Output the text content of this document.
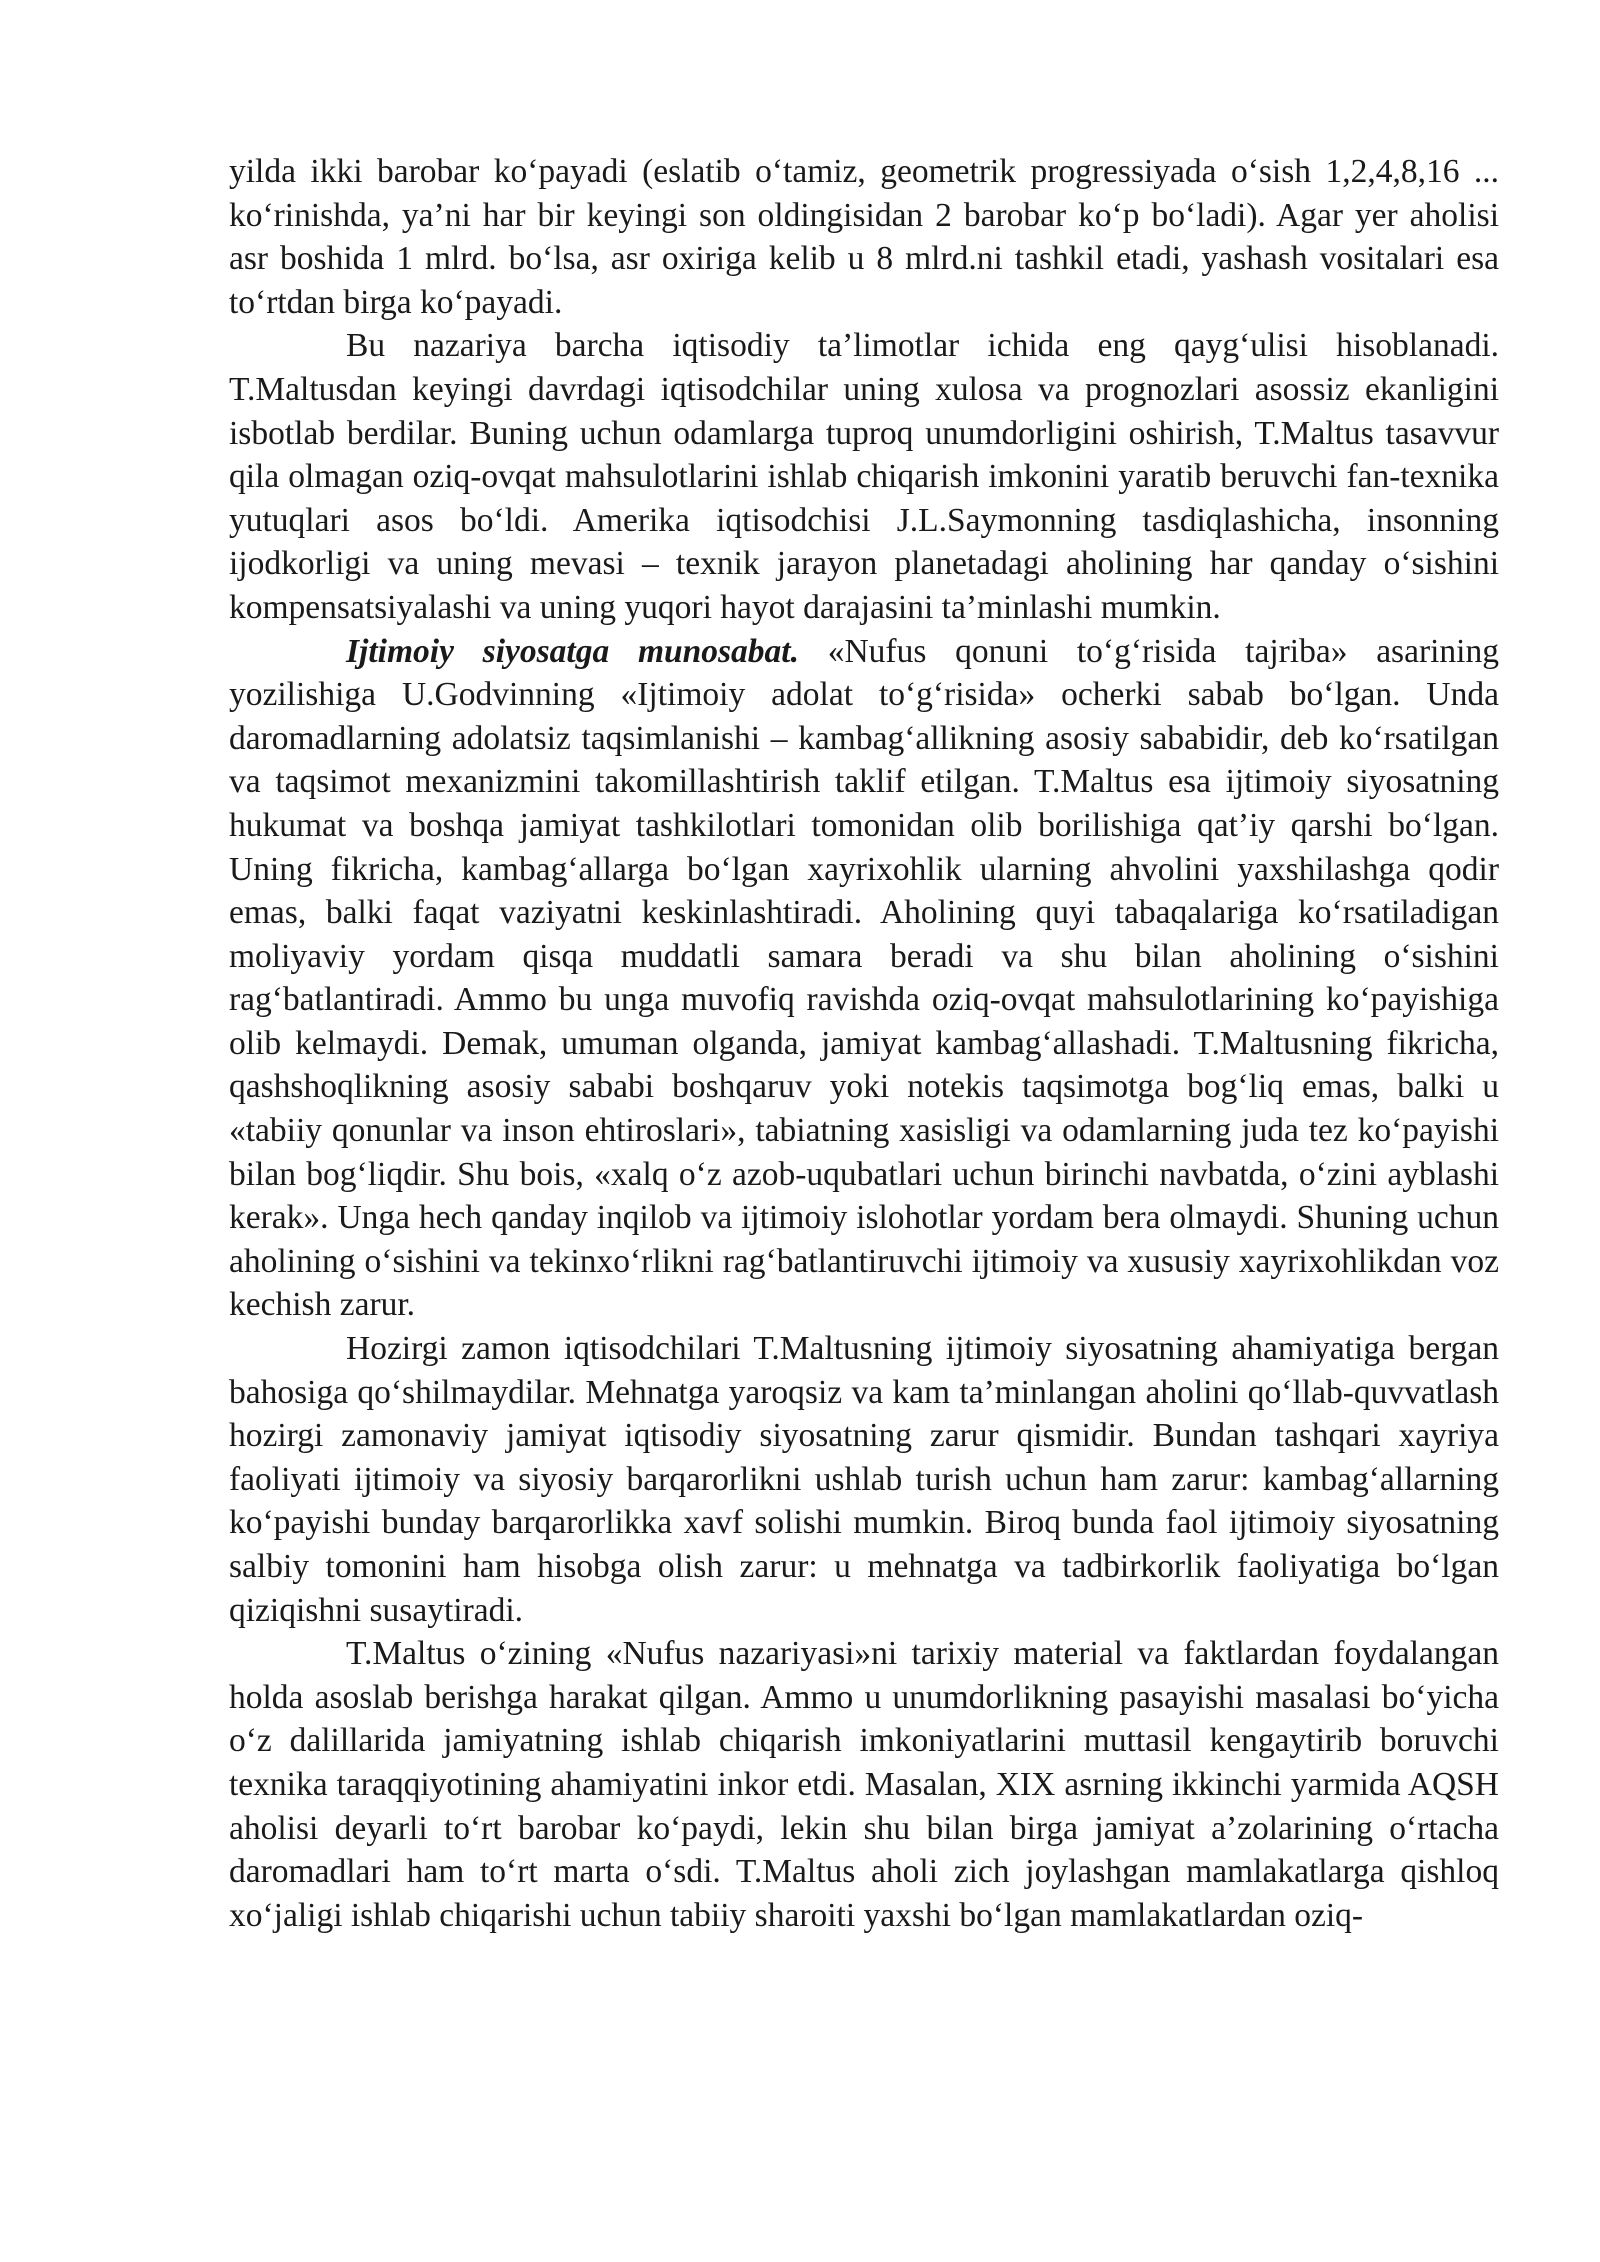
yilda ikki barobar ko‘payadi (eslatib o‘tamiz, geometrik progressiyada o‘sish 1,2,4,8,16 ... ko‘rinishda, ya’ni har bir keyingi son oldingisidan 2 barobar ko‘p bo‘ladi). Agar yer aholisi asr boshida 1 mlrd. bo‘lsa, asr oxiriga kelib u 8 mlrd.ni tashkil etadi, yashash vositalari esa to‘rtdan birga ko‘payadi.

Bu nazariya barcha iqtisodiy ta’limotlar ichida eng qayg‘ulisi hisoblanadi. T.Maltusdan keyingi davrdagi iqtisodchilar uning xulosa va prognozlari asossiz ekanligini isbotlab berdilar. Buning uchun odamlarga tuproq unumdorligini oshirish, T.Maltus tasavvur qila olmagan oziq-ovqat mahsulotlarini ishlab chiqarish imkonini yaratib beruvchi fan-texnika yutuqlari asos bo‘ldi. Amerika iqtisodchisi J.L.Saymonning tasdiqlashicha, insonning ijodkorligi va uning mevasi – texnik jarayon planetadagi aholining har qanday o‘sishini kompensatsiyalashi va uning yuqori hayot darajasini ta’minlashi mumkin.

Ijtimoiy siyosatga munosabat. «Nufus qonuni to‘g‘risida tajriba» asarining yozilishiga U.Godvinning «Ijtimoiy adolat to‘g‘risida» ocherki sabab bo‘lgan. Unda daromadlarning adolatsiz taqsimlanishi – kambag‘allikning asosiy sababidir, deb ko‘rsatilgan va taqsimot mexanizmini takomillashtirish taklif etilgan. T.Maltus esa ijtimoiy siyosatning hukumat va boshqa jamiyat tashkilotlari tomonidan olib borilishiga qat’iy qarshi bo‘lgan. Uning fikricha, kambag‘allarga bo‘lgan xayrixohlik ularning ahvolini yaxshilashga qodir emas, balki faqat vaziyatni keskinlashtiradi. Aholining quyi tabaqalariga ko‘rsatiladigan moliyaviy yordam qisqa muddatli samara beradi va shu bilan aholining o‘sishini rag‘batlantiradi. Ammo bu unga muvofiq ravishda oziq-ovqat mahsulotlarining ko‘payishiga olib kelmaydi. Demak, umuman olganda, jamiyat kambag‘allashadi. T.Maltusning fikricha, qashshoqlikning asosiy sababi boshqaruv yoki notekis taqsimotga bog‘liq emas, balki u «tabiiy qonunlar va inson ehtiroslari», tabiatning xasisligi va odamlarning juda tez ko‘payishi bilan bog‘liqdir. Shu bois, «xalq o‘z azob-uqubatlari uchun birinchi navbatda, o‘zini ayblashi kerak». Unga hech qanday inqilob va ijtimoiy islohotlar yordam bera olmaydi. Shuning uchun aholining o‘sishini va tekinxo‘rlikni rag‘batlantiruvchi ijtimoiy va xususiy xayrixohlikdan voz kechish zarur.

Hozirgi zamon iqtisodchilari T.Maltusning ijtimoiy siyosatning ahamiyatiga bergan bahosiga qo‘shilmaydilar. Mehnatga yaroqsiz va kam ta’minlangan aholini qo‘llab-quvvatlash hozirgi zamonaviy jamiyat iqtisodiy siyosatning zarur qismidir. Bundan tashqari xayriya faoliyati ijtimoiy va siyosiy barqarorlikni ushlab turish uchun ham zarur: kambag‘allarning ko‘payishi bunday barqarorlikka xavf solishi mumkin. Biroq bunda faol ijtimoiy siyosatning salbiy tomonini ham hisobga olish zarur: u mehnatga va tadbirkorlik faoliyatiga bo‘lgan qiziqishni susaytiradi.

T.Maltus o‘zining «Nufus nazariyasi»ni tarixiy material va faktlardan foydalangan holda asoslab berishga harakat qilgan. Ammo u unumdorlikning pasayishi masalasi bo‘yicha o‘z dalillarida jamiyatning ishlab chiqarish imkoniyatlarini muttasil kengaytirib boruvchi texnika taraqqiyotining ahamiyatini inkor etdi. Masalan, XIX asrning ikkinchi yarmida AQSH aholisi deyarli to‘rt barobar ko‘paydi, lekin shu bilan birga jamiyat a’zolarining o‘rtacha daromadlari ham to‘rt marta o‘sdi. T.Maltus aholi zich joylashgan mamlakatlarga qishloq xo‘jaligi ishlab chiqarishi uchun tabiiy sharoiti yaxshi bo‘lgan mamlakatlardan oziq-
